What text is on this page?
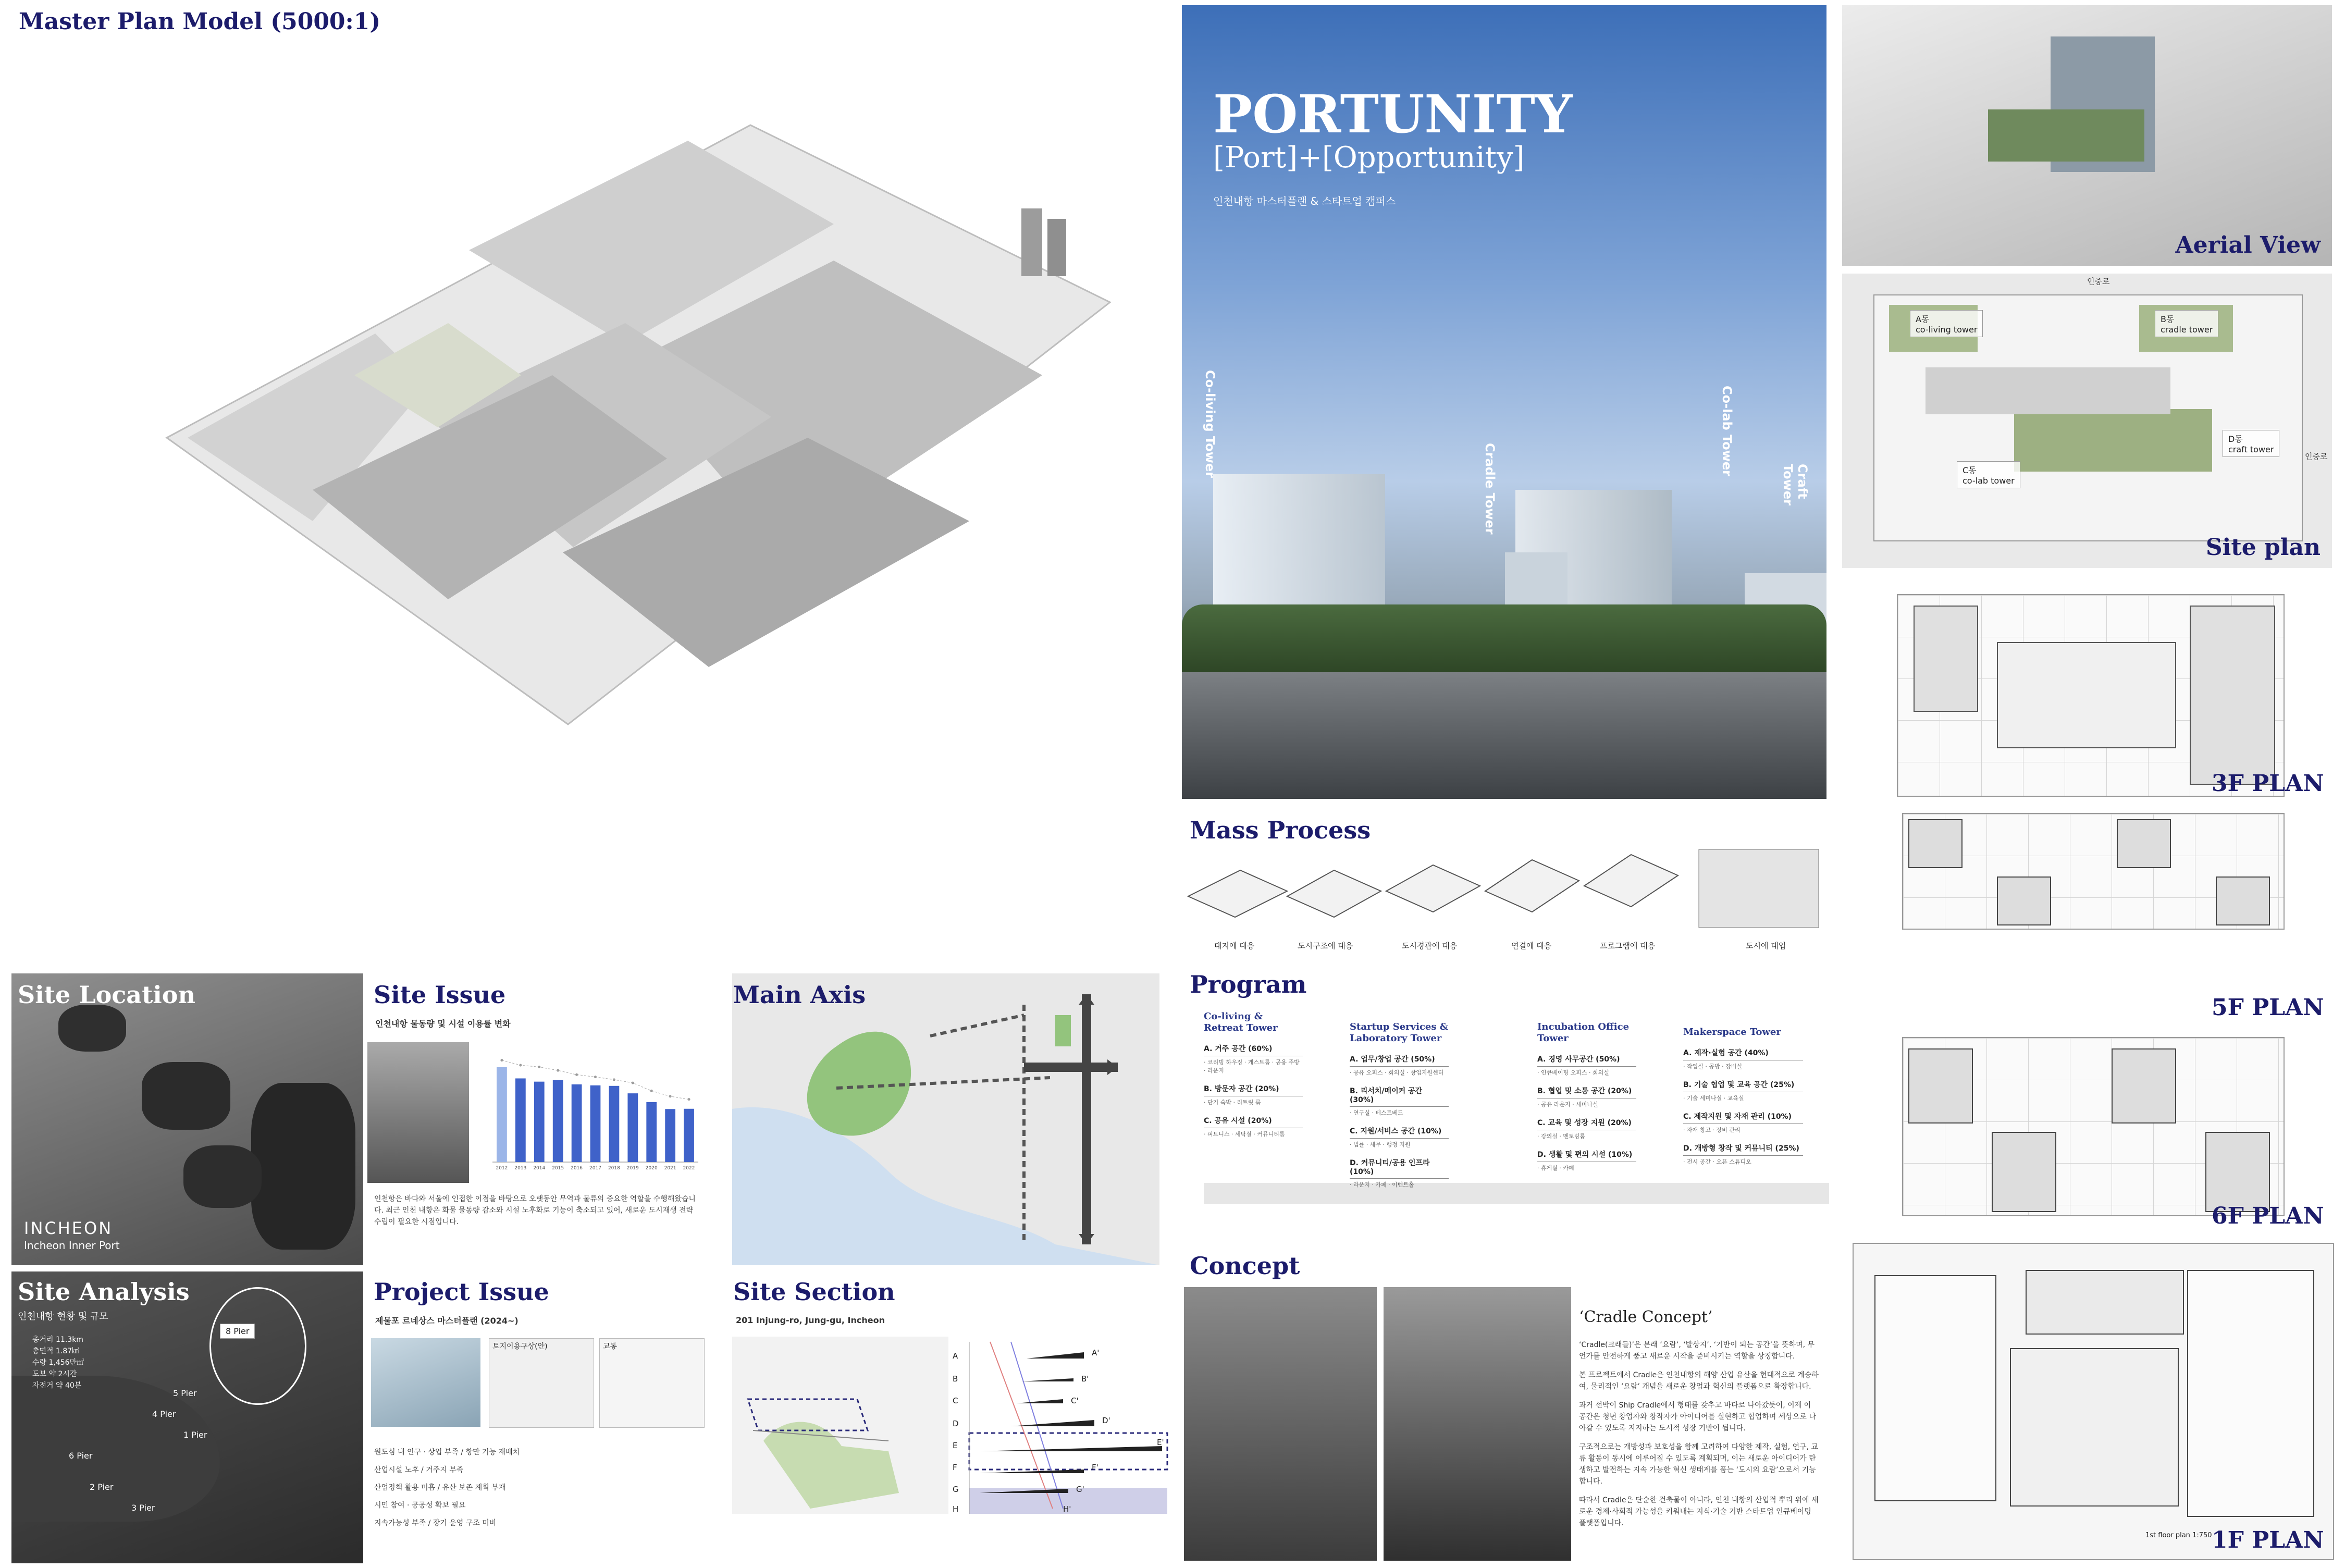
Master Plan Model (5000:1)
PORTUNITY
[Port]+[Opportunity]
인천내항 마스터플랜 & 스타트업 캠퍼스
Co-living Tower
Cradle Tower
Co-lab Tower
Craft Tower
Aerial View
인중로
인중로
A동
co-living tower
B동
cradle tower
C동
co-lab tower
D동
craft tower
Site plan
3F PLAN
5F PLAN
6F PLAN
1st floor plan 1:750 1F PLAN
Mass Process
대지에 대응	도시구조에 대응	도시경관에 대응	연결에 대응	프로그램에 대응	도시에 대입
Program
Co-living & Retreat Tower
A. 거주 공간 (60%)
· 코리빙 하우징 · 게스트룸 · 공용 주방 · 라운지
B. 방문자 공간 (20%)
· 단기 숙박 · 리트릿 룸
C. 공유 시설 (20%)
· 피트니스 · 세탁실 · 커뮤니티룸
Startup Services & Laboratory Tower
A. 업무/창업 공간 (50%)
· 공유 오피스 · 회의실 · 창업지원센터
B. 리서치/메이커 공간 (30%)
· 연구실 · 테스트베드
C. 지원/서비스 공간 (10%)
· 법률 · 세무 · 행정 지원
D. 커뮤니티/공용 인프라 (10%)
· 라운지 · 카페 · 이벤트홀
Incubation Office Tower
A. 경영 사무공간 (50%)
· 인큐베이팅 오피스 · 회의실
B. 협업 및 소통 공간 (20%)
· 공유 라운지 · 세미나실
C. 교육 및 성장 지원 (20%)
· 강의실 · 멘토링룸
D. 생활 및 편의 시설 (10%)
· 휴게실 · 카페
Makerspace Tower
A. 제작·실험 공간 (40%)
· 작업실 · 공방 · 장비실
B. 기술 협업 및 교육 공간 (25%)
· 기술 세미나실 · 교육실
C. 제작지원 및 자재 관리 (10%)
· 자재 창고 · 장비 관리
D. 개방형 창작 및 커뮤니티 (25%)
· 전시 공간 · 오픈 스튜디오
Concept
‘Cradle Concept’

‘Cradle(크래들)’은 본래 ‘요람’, ‘발상지’, ‘기반이 되는 공간’을 뜻하며, 무언가를 안전하게 품고 새로운 시작을 준비시키는 역할을 상징합니다.

본 프로젝트에서 Cradle은 인천내항의 해양 산업 유산을 현대적으로 계승하여, 물리적인 ‘요람’ 개념을 새로운 창업과 혁신의 플랫폼으로 확장합니다.

과거 선박이 Ship Cradle에서 형태를 갖추고 바다로 나아갔듯이, 이제 이 공간은 청년 창업자와 창작자가 아이디어를 실현하고 협업하며 세상으로 나아갈 수 있도록 지지하는 도시적 성장 기반이 됩니다.

구조적으로는 개방성과 보호성을 함께 고려하여 다양한 제작, 실험, 연구, 교류 활동이 동시에 이루어질 수 있도록 계획되며, 이는 새로운 아이디어가 탄생하고 발전하는 지속 가능한 혁신 생태계를 품는 ‘도시의 요람’으로서 기능합니다.

따라서 Cradle은 단순한 건축물이 아니라, 인천 내항의 산업적 뿌리 위에 새로운 경제·사회적 가능성을 키워내는 지식·기술 기반 스타트업 인큐베이팅 플랫폼입니다.

INCHEON
Incheon Inner Port
Site Location
총거리 11.3km
총면적 1.87㎢
수량 1,456만㎡
도보 약 2시간
자전거 약 40분
1 Pier
2 Pier
3 Pier
4 Pier
5 Pier
6 Pier
8 Pier
Site Analysis
인천내항 현황 및 규모
Site Issue
인천내항 물동량 및 시설 이용률 변화
2012 2013 2014 2015 2016 2017 2018 2019 2020 2021 2022
인천항은 바다와 서울에 인접한 이점을 바탕으로 오랫동안 무역과 물류의 중요한 역할을 수행해왔습니다. 최근 인천 내항은 화물 물동량 감소와 시설 노후화로 기능이 축소되고 있어, 새로운 도시재생 전략 수립이 필요한 시점입니다.
Project Issue
제물포 르네상스 마스터플랜 (2024~)
토지이용구상(안)	교통
원도심 내 인구 · 상업 부족 / 항만 기능 재배치
산업시설 노후 / 거주지 부족
산업정책 활용 미흡 / 유산 보존 계획 부재
시민 참여 · 공공성 확보 필요
지속가능성 부족 / 장기 운영 구조 미비
Main Axis
Site Section
201 Injung-ro, Jung-gu, Incheon
A
B
C
D
E
F
G
H
A'
B'
C'
D'
E'
F'
G'
H'
